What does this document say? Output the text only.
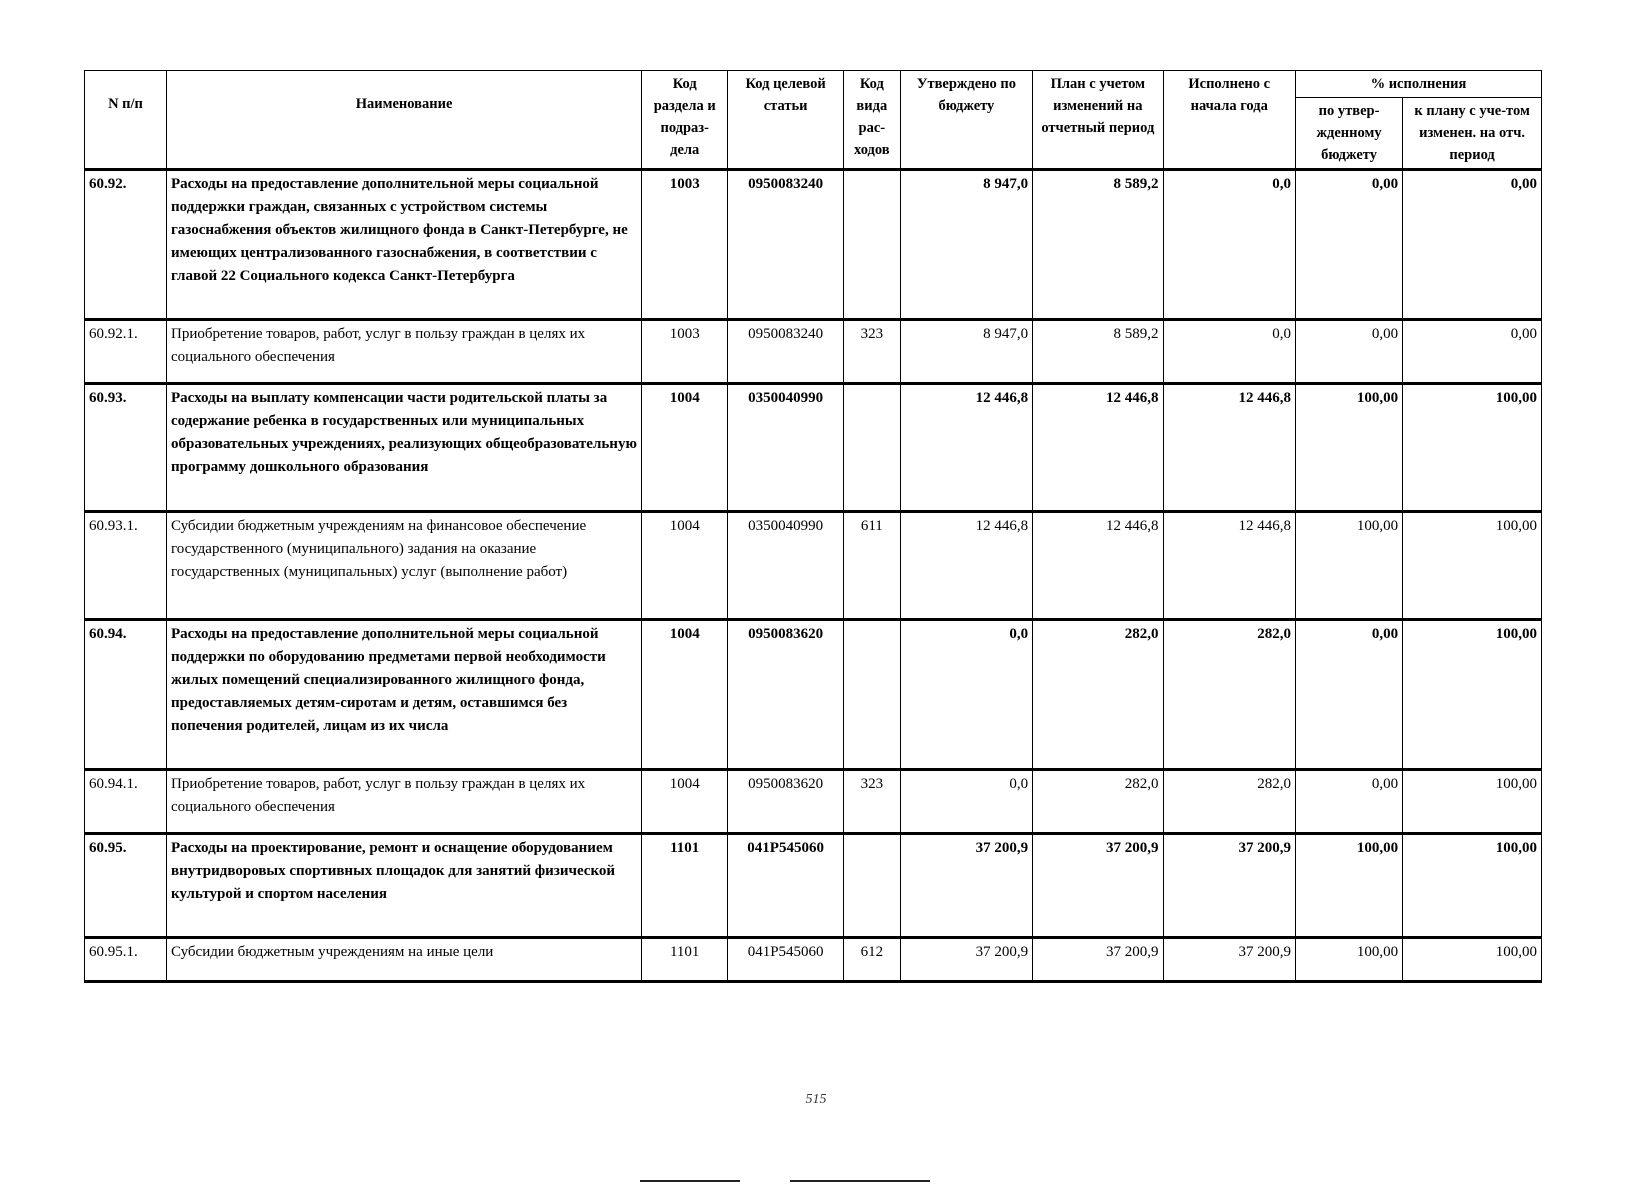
N п/п	Наименование	Код раздела и подраз-дела	Код целевой статьи	Код вида рас-ходов	Утверждено по бюджету	План с учетом изменений на отчетный период	Исполнено с начала года	% исполнения	
								по утвер-жденному бюджету	к плану с уче-том изменен. на отч. период
60.92.	Расходы на предоставление дополнительной меры социальной поддержки граждан, связанных с устройством системы газоснабжения объектов жилищного фонда в Санкт-Петербурге, не имеющих централизованного газоснабжения, в соответствии с главой 22 Социального кодекса Санкт-Петербурга	1003	0950083240		8 947,0	8 589,2	0,0	0,00	0,00
60.92.1.	Приобретение товаров, работ, услуг в пользу граждан в целях их социального обеспечения	1003	0950083240	323	8 947,0	8 589,2	0,0	0,00	0,00
60.93.	Расходы на выплату компенсации части родительской платы за содержание ребенка в государственных или муниципальных образовательных учреждениях, реализующих общеобразовательную программу дошкольного образования	1004	0350040990		12 446,8	12 446,8	12 446,8	100,00	100,00
60.93.1.	Субсидии бюджетным учреждениям на финансовое обеспечение государственного (муниципального) задания на оказание государственных (муниципальных) услуг (выполнение работ)	1004	0350040990	611	12 446,8	12 446,8	12 446,8	100,00	100,00
60.94.	Расходы на предоставление дополнительной меры социальной поддержки по оборудованию предметами первой необходимости жилых помещений специализированного жилищного фонда, предоставляемых детям-сиротам и детям, оставшимся без попечения родителей, лицам из их числа	1004	0950083620		0,0	282,0	282,0	0,00	100,00
60.94.1.	Приобретение товаров, работ, услуг в пользу граждан в целях их социального обеспечения	1004	0950083620	323	0,0	282,0	282,0	0,00	100,00
60.95.	Расходы на проектирование, ремонт и оснащение оборудованием внутридворовых спортивных площадок для занятий физической культурой и спортом населения	1101	041P545060		37 200,9	37 200,9	37 200,9	100,00	100,00
60.95.1.	Субсидии бюджетным учреждениям на иные цели	1101	041P545060	612	37 200,9	37 200,9	37 200,9	100,00	100,00
515
